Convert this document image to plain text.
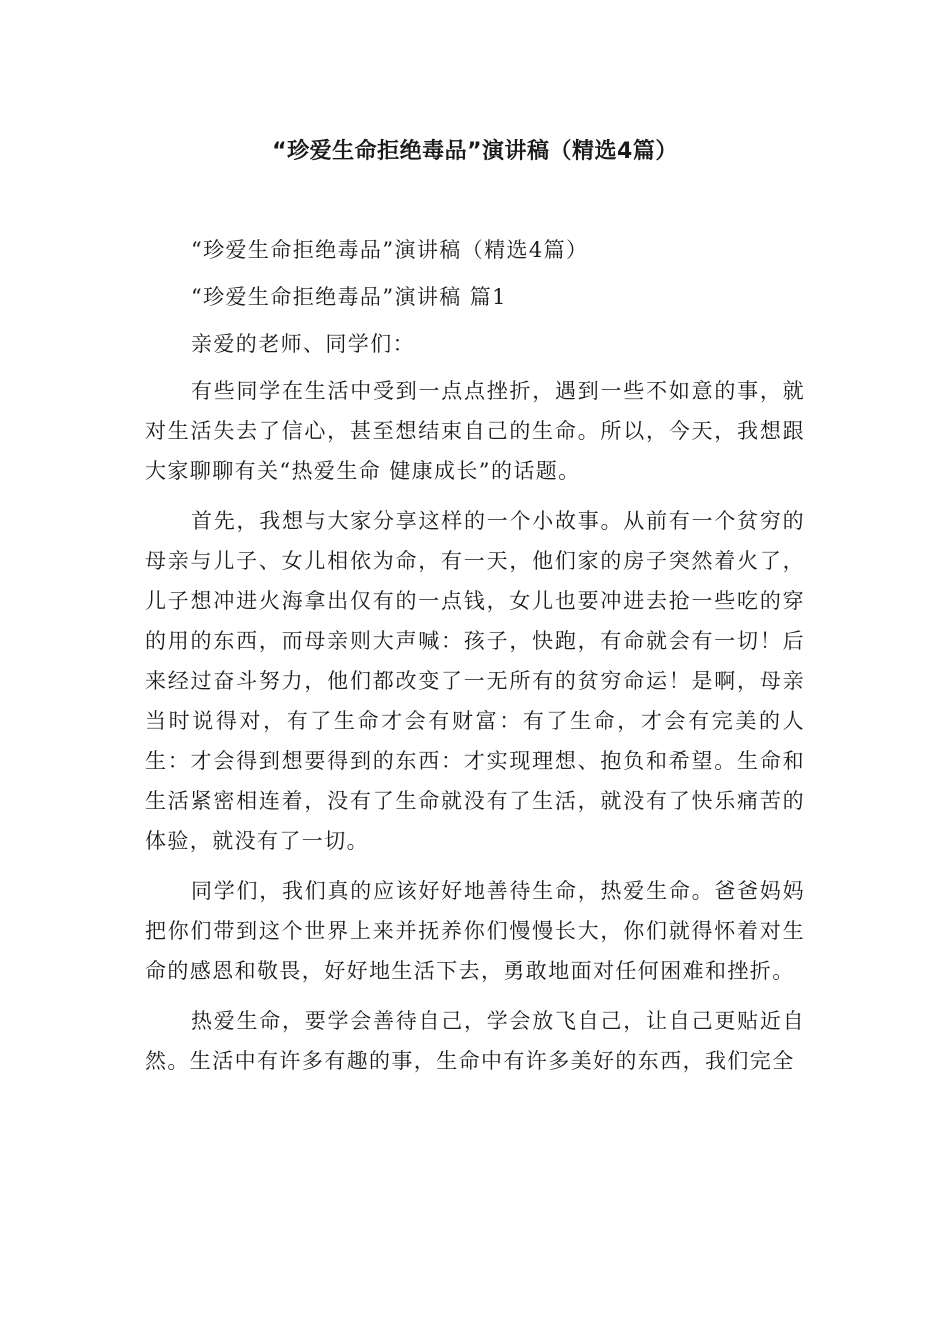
“珍爱生命拒绝毒品”演讲稿（精选4篇）

“珍爱生命拒绝毒品”演讲稿（精选4篇）

“珍爱生命拒绝毒品”演讲稿 篇1

亲爱的老师、同学们：

有些同学在生活中受到一点点挫折，遇到一些不如意的事，就对生活失去了信心，甚至想结束自己的生命。所以，今天，我想跟大家聊聊有关“热爱生命 健康成长”的话题。

首先，我想与大家分享这样的一个小故事。从前有一个贫穷的母亲与儿子、女儿相依为命，有一天，他们家的房子突然着火了，儿子想冲进火海拿出仅有的一点钱，女儿也要冲进去抢一些吃的穿的用的东西，而母亲则大声喊：孩子，快跑，有命就会有一切！后来经过奋斗努力，他们都改变了一无所有的贫穷命运！是啊，母亲当时说得对，有了生命才会有财富：有了生命，才会有完美的人生：才会得到想要得到的东西：才实现理想、抱负和希望。生命和生活紧密相连着，没有了生命就没有了生活，就没有了快乐痛苦的体验，就没有了一切。

同学们，我们真的应该好好地善待生命，热爱生命。爸爸妈妈把你们带到这个世界上来并抚养你们慢慢长大，你们就得怀着对生命的感恩和敬畏，好好地生活下去，勇敢地面对任何困难和挫折。

热爱生命，要学会善待自己，学会放飞自己，让自己更贴近自然。生活中有许多有趣的事，生命中有许多美好的东西，我们完全
